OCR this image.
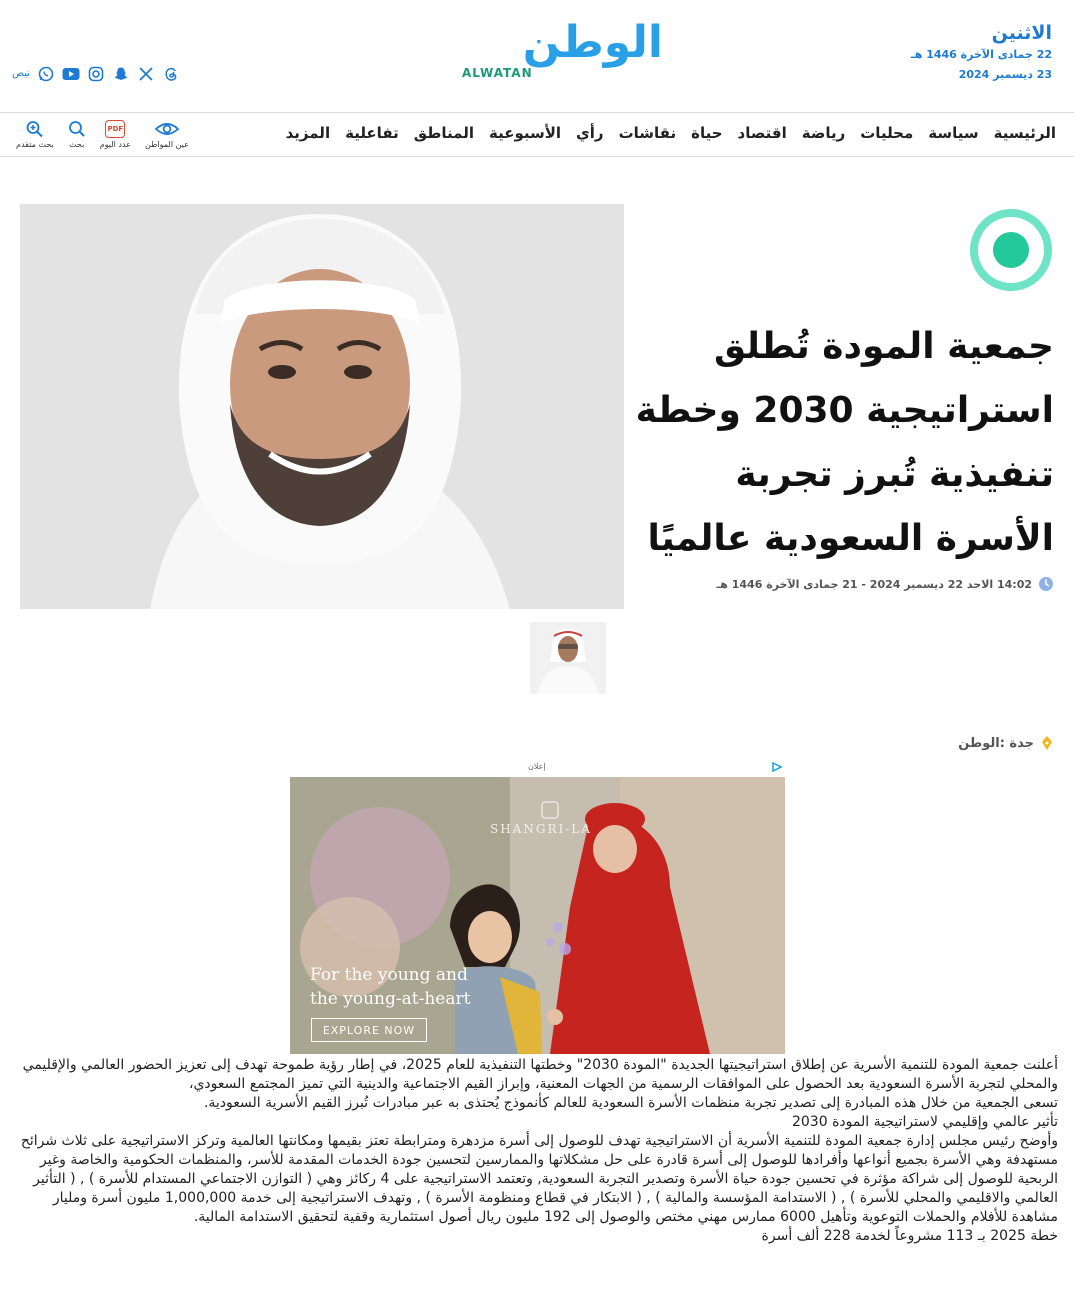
الاثنين
22 جمادى الآخرة 1446 هـ
23 ديسمبر 2024
الوطن
ALWATAN
نيص
الرئيسية
سياسة
محليات
رياضة
اقتصاد
حياة
نقاشات
رأي
الأسبوعية
المناطق
تفاعلية
المزيد
بحث متقدم بحث
PDF
عدد اليوم عين المواطن
جمعية المودة تُطلق استراتيجية 2030 وخطة تنفيذية تُبرز تجربة الأسرة السعودية عالميًا
14:02 الاحد 22 ديسمبر 2024 - 21 جمادى الآخرة 1446 هـ
جدة :الوطن
إعلان
SHANGRI-LA
For the young and
the young-at-heart
EXPLORE NOW

أعلنت جمعية المودة للتنمية الأسرية عن إطلاق استراتيجيتها الجديدة "المودة 2030" وخطتها التنفيذية للعام 2025، في إطار رؤية طموحة تهدف إلى تعزيز الحضور العالمي والإقليمي والمحلي لتجربة الأسرة السعودية بعد الحصول على الموافقات الرسمية من الجهات المعنية، وإبراز القيم الاجتماعية والدينية التي تميز المجتمع السعودي،

تسعى الجمعية من خلال هذه المبادرة إلى تصدير تجربة منظمات الأسرة السعودية للعالم كأنموذج يُحتذى به عبر مبادرات تُبرز القيم الأسرية السعودية.

تأثير عالمي وإقليمي لاستراتيجية المودة 2030

وأوضح رئيس مجلس إدارة جمعية المودة للتنمية الأسرية أن الاستراتيجية تهدف للوصول إلى أسرة مزدهرة ومترابطة تعتز بقيمها ومكانتها العالمية وتركز الاستراتيجية على ثلاث شرائح مستهدفة وهي الأسرة بجميع أنواعها وأفرادها للوصول إلى أسرة قادرة على حل مشكلاتها والممارسين لتحسين جودة الخدمات المقدمة للأسر، والمنظمات الحكومية والخاصة وغير الربحية للوصول إلى شراكة مؤثرة في تحسين جودة حياة الأسرة وتصدير التجربة السعودية, وتعتمد الاستراتيجية على 4 ركائز وهي ( التوازن الاجتماعي المستدام للأسرة ) , ( التأثير العالمي والاقليمي والمحلي للأسرة ) , ( الاستدامة المؤسسة والمالية ) , ( الابتكار في قطاع ومنظومة الأسرة ) , وتهدف الاستراتيجية إلى خدمة 1,000,000 مليون أسرة ومليار مشاهدة للأفلام والحملات التوعوية وتأهيل 6000 ممارس مهني مختص والوصول إلى 192 مليون ريال أصول استثمارية وقفية لتحقيق الاستدامة المالية.

خطة 2025 بـ 113 مشروعاً لخدمة 228 ألف أسرة
